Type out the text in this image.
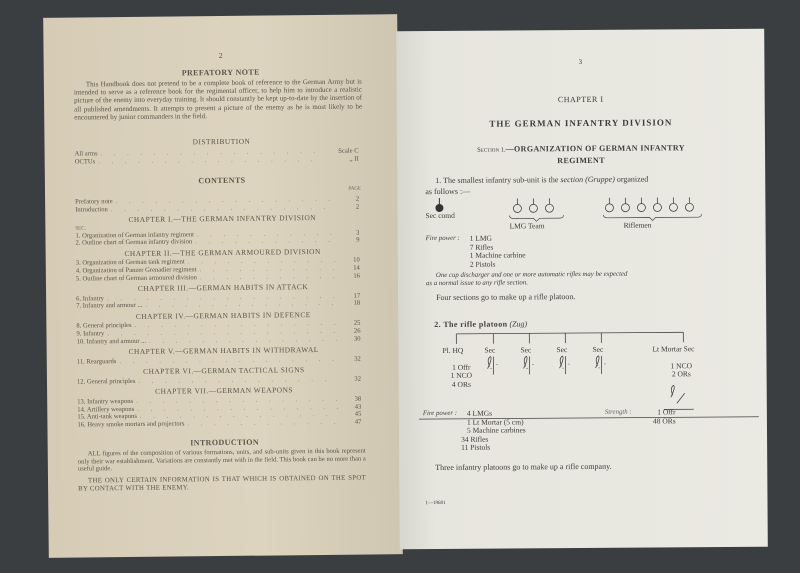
2
PREFATORY NOTE
This Handbook does not pretend to be a complete book of reference to the German Army but is intended to serve as a reference book for the regimental officer, to help him to introduce a realistic picture of the enemy into everyday training. It should constantly be kept up-to-date by the insertion of all published amendments. It attempts to present a picture of the enemy as he is most likely to be encountered by junior commanders in the field.
DISTRIBUTION
All arms . . . . . . . . . . . . . . . . .	Scale C
OCTUs . . . . . . . . . . . . . . . . .	,, II
CONTENTS
PAGE
Prefatory note . . . . . . . . . . . . . . . . .	2
Introduction . . . . . . . . . . . . . . . . .	2
CHAPTER I.—THE GERMAN INFANTRY DIVISION
SEC.
1. Organization of German infantry regiment . . . . . . . . . . .	3
2. Outline chart of German infantry division . . . . . . . . . . .	9
CHAPTER II.—THE GERMAN ARMOURED DIVISION
3. Organization of German tank regiment . . . . . . . . . . . .	10
4. Organization of Panzer Grenadier regiment . . . . . . . . . . .	14
5. Outline chart of German armoured division . . . . . . . . . . .	16
CHAPTER III.—GERMAN HABITS IN ATTACK
6. Infantry . . . . . . . . . . . . . . . . . .	17
7. Infantry and armour ... . . . . . . . . . . . . . . .	18
CHAPTER IV.—GERMAN HABITS IN DEFENCE
8. General principles . . . . . . . . . . . . . . . .	25
9. Infantry . . . . . . . . . . . . . . . . . .	26
10. Infantry and armour ... . . . . . . . . . . . . . . .	30
CHAPTER V.—GERMAN HABITS IN WITHDRAWAL
11. Rearguards . . . . . . . . . . . . . . . . .	32
CHAPTER VI.—GERMAN TACTICAL SIGNS
12. General principles . . . . . . . . . . . . . . .	32
CHAPTER VII.—GERMAN WEAPONS
13. Infantry weapons . . . . . . . . . . . . . . . .	38
14. Artillery weapons . . . . . . . . . . . . . . . .	43
15. Anti-tank weapons . . . . . . . . . . . . . . .	45
16. Heavy smoke mortars and projectors . . . . . . . . . . . .	47
INTRODUCTION
ALL figures of the composition of various formations, units, and sub-units given in this book represent only their war establishment. Variations are constantly met with in the field. This book can be no more than a useful guide.
THE ONLY CERTAIN INFORMATION IS THAT WHICH IS OBTAINED ON THE SPOT BY CONTACT WITH THE ENEMY.
3
CHAPTER I
THE GERMAN INFANTRY DIVISION
Section 1.—ORGANIZATION OF GERMAN INFANTRY
REGIMENT
1. The smallest infantry sub-unit is the section (Gruppe) organized
as follows :—
Sec comd
LMG Team	Riflemen
Fire power : 1 LMG
7 Rifles
1 Machine carbine
2 Pistols
One cup discharger and one or more automatic rifles may be expected
as a normal issue to any rifle section.
Four sections go to make up a rifle platoon.
2. The rifle platoon (Zug)
Pl. HQ	Sec	Sec	Sec	Sec	Lt Mortar Sec
1 Offr
1 NCO
4 ORs
1 NCO
2 ORs
Fire power : 4 LMGs
1 Lt Mortar (5 cm)
5 Machine carbines
34 Rifles
11 Pistols
Strength :	1 Offr
48 ORs
Three infantry platoons go to make up a rifle company.
1—19681
